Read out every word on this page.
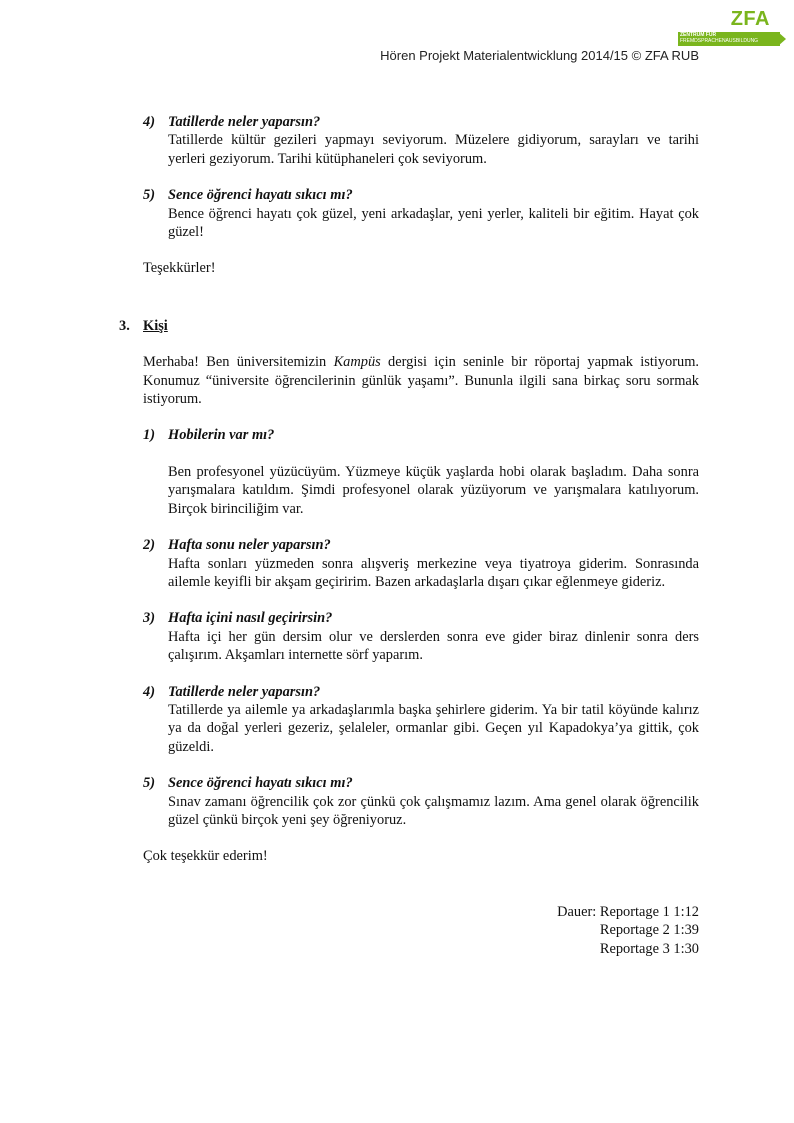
ZFA
ZENTRUM FÜR
FREMDSPRACHENAUSBILDUNG
Hören Projekt Materialentwicklung 2014/15 © ZFA RUB
4) Tatillerde neler yaparsın?
Tatillerde kültür gezileri yapmayı seviyorum. Müzelere gidiyorum, sarayları ve tarihi yerleri geziyorum. Tarihi kütüphaneleri çok seviyorum.
5) Sence öğrenci hayatı sıkıcı mı?
Bence öğrenci hayatı çok güzel, yeni arkadaşlar, yeni yerler, kaliteli bir eğitim. Hayat çok güzel!
Teşekkürler!
3. Kişi
Merhaba! Ben üniversitemizin Kampüs dergisi için seninle bir röportaj yapmak istiyorum. Konumuz “üniversite öğrencilerinin günlük yaşamı”. Bununla ilgili sana birkaç soru sormak istiyorum.
1) Hobilerin var mı?
Ben profesyonel yüzücüyüm. Yüzmeye küçük yaşlarda hobi olarak başladım. Daha sonra yarışmalara katıldım. Şimdi profesyonel olarak yüzüyorum ve yarışmalara katılıyorum. Birçok birinciliğim var.
2) Hafta sonu neler yaparsın?
Hafta sonları yüzmeden sonra alışveriş merkezine veya tiyatroya giderim. Sonrasında ailemle keyifli bir akşam geçiririm. Bazen arkadaşlarla dışarı çıkar eğlenmeye gideriz.
3) Hafta içini nasıl geçirirsin?
Hafta içi her gün dersim olur ve derslerden sonra eve gider biraz dinlenir sonra ders çalışırım. Akşamları internette sörf yaparım.
4) Tatillerde neler yaparsın?
Tatillerde ya ailemle ya arkadaşlarımla başka şehirlere giderim. Ya bir tatil köyünde kalırız ya da doğal yerleri gezeriz, şelaleler, ormanlar gibi. Geçen yıl Kapadokya’ya gittik, çok güzeldi.
5) Sence öğrenci hayatı sıkıcı mı?
Sınav zamanı öğrencilik çok zor çünkü çok çalışmamız lazım. Ama genel olarak öğrencilik güzel çünkü birçok yeni şey öğreniyoruz.
Çok teşekkür ederim!
Dauer: Reportage 1 1:12
Reportage 2 1:39
Reportage 3 1:30
